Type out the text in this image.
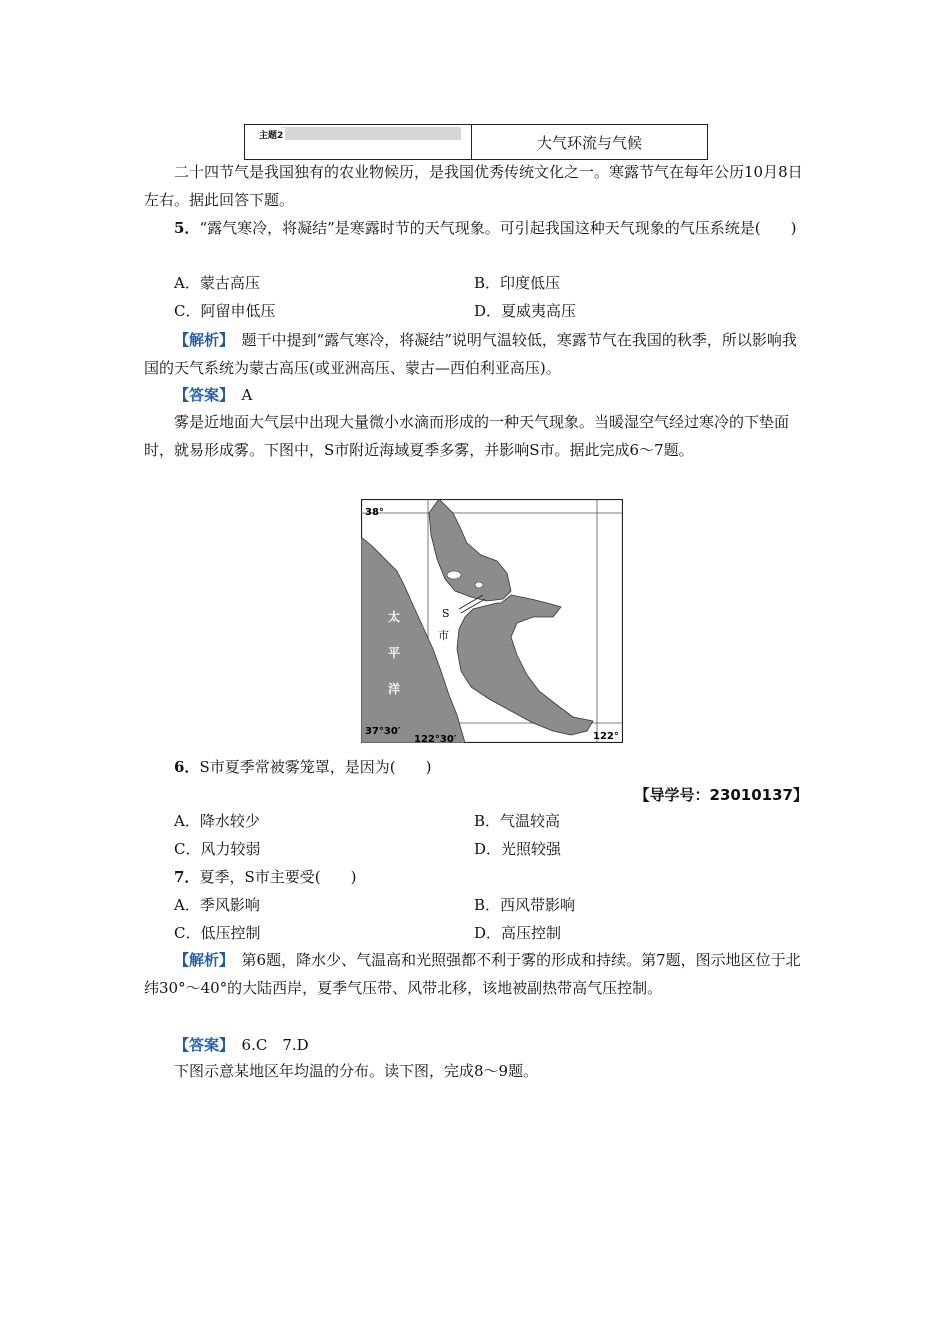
主题2	大气环流与气候
二十四节气是我国独有的农业物候历，是我国优秀传统文化之一。寒露节气在每年公历10月8日左右。据此回答下题。
5．“露气寒冷，将凝结”是寒露时节的天气现象。可引起我国这种天气现象的气压系统是(　　)
A．蒙古高压	B．印度低压
C．阿留申低压	D．夏威夷高压
【解析】　 题干中提到“露气寒冷，将凝结”说明气温较低，寒露节气在我国的秋季，所以影响我国的天气系统为蒙古高压(或亚洲高压、蒙古—西伯利亚高压)。
【答案】　 A
雾是近地面大气层中出现大量微小水滴而形成的一种天气现象。当暖湿空气经过寒冷的下垫面时，就易形成雾。下图中，S市附近海域夏季多雾，并影响S市。据此完成6～7题。
38°
37°30′
122°30′	122°
太
平
洋
S
市
6．S市夏季常被雾笼罩，是因为(　　)
【导学号：23010137】
A．降水较少	B．气温较高
C．风力较弱	D．光照较强
7．夏季，S市主要受(　　)
A．季风影响	B．西风带影响
C．低压控制	D．高压控制
【解析】　 第6题，降水少、气温高和光照强都不利于雾的形成和持续。第7题，图示地区位于北纬30°～40°的大陆西岸，夏季气压带、风带北移，该地被副热带高气压控制。
【答案】　 6.C　7.D
下图示意某地区年均温的分布。读下图，完成8～9题。
